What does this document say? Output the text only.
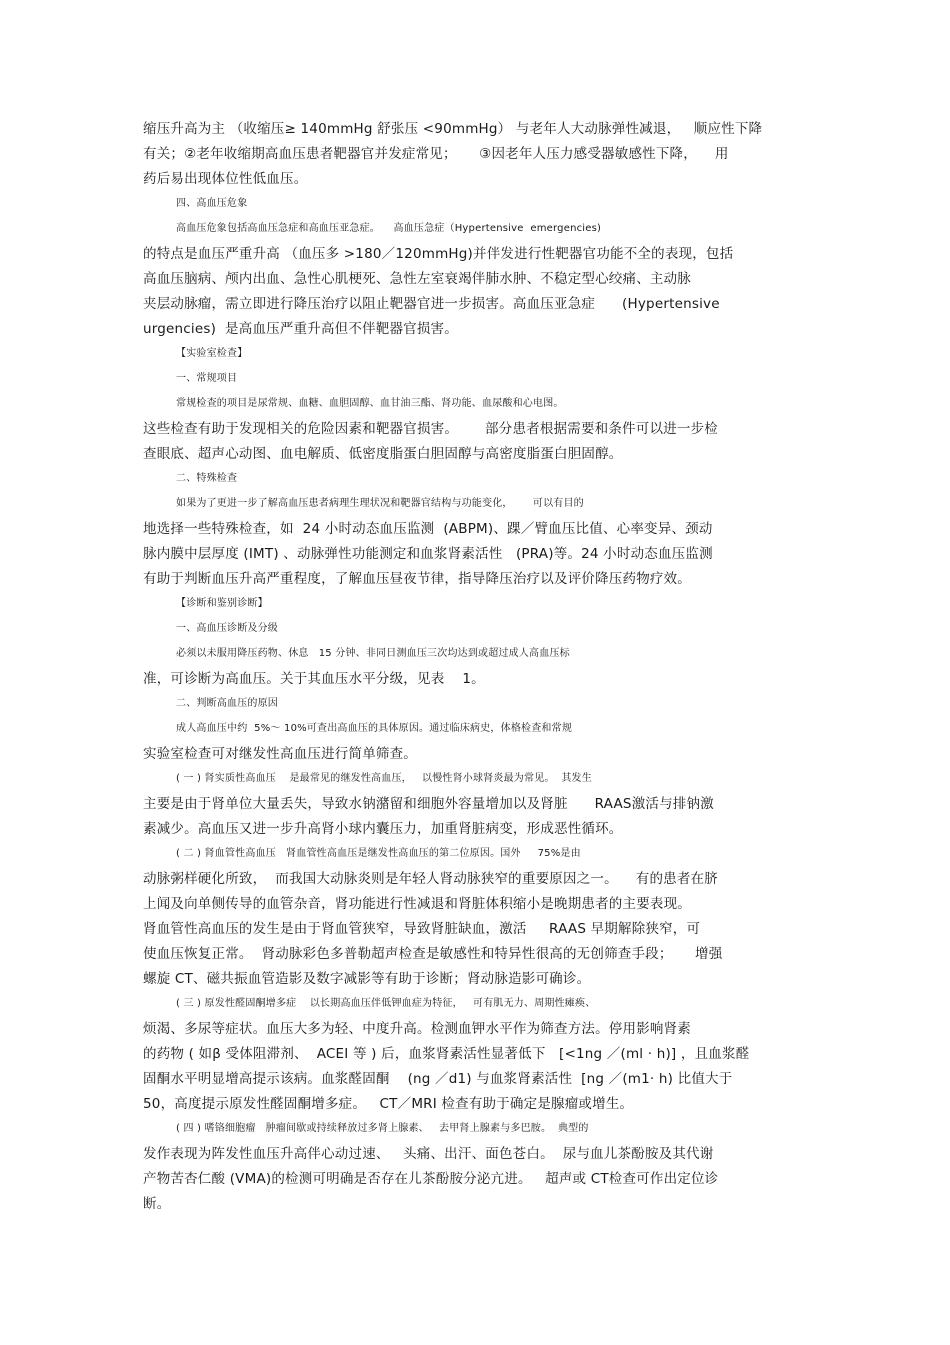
缩压升高为主 （收缩压≥ 140mmHg 舒张压 <90mmHg） 与老年人大动脉弹性减退，   顺应性下降
有关；②老年收缩期高血压患者靶器官并发症常见；     ③因老年人压力感受器敏感性下降，    用
药后易出现体位性低血压。
四、高血压危象
高血压危象包括高血压急症和高血压亚急症。    高血压急症（Hypertensive  emergencies)
的特点是血压严重升高 （血压多 >180／120mmHg)并伴发进行性靶器官功能不全的表现，包括
高血压脑病、颅内出血、急性心肌梗死、急性左室衰竭伴肺水肿、不稳定型心绞痛、主动脉
夹层动脉瘤，需立即进行降压治疗以阻止靶器官进一步损害。高血压亚急症      (Hypertensive
urgencies)  是高血压严重升高但不伴靶器官损害。
【实验室检查】
一、常规项目
常规检查的项目是尿常规、血糖、血胆固醇、血甘油三酯、肾功能、血尿酸和心电图。
这些检查有助于发现相关的危险因素和靶器官损害。      部分患者根据需要和条件可以进一步检
查眼底、超声心动图、血电解质、低密度脂蛋白胆固醇与高密度脂蛋白胆固醇。
二、特殊检查
如果为了更进一步了解高血压患者病理生理状况和靶器官结构与功能变化，      可以有目的
地选择一些特殊检查，如  24 小时动态血压监测  (ABPM)、踝／臂血压比值、心率变异、颈动
脉内膜中层厚度 (IMT) 、动脉弹性功能测定和血浆肾素活性   (PRA)等。24 小时动态血压监测
有助于判断血压升高严重程度，了解血压昼夜节律，指导降压治疗以及评价降压药物疗效。
【诊断和鉴别诊断】
一、高血压诊断及分级
必须以未服用降压药物、休息   15 分钟、非同日测血压三次均达到或超过成人高血压标
准，可诊断为高血压。关于其血压水平分级，见表    1。
二、判断高血压的原因
成人高血压中约  5%～ 10%可查出高血压的具体原因。通过临床病史，体格检查和常规
实验室检查可对继发性高血压进行简单筛查。
( 一 ) 肾实质性高血压    是最常见的继发性高血压，   以慢性肾小球肾炎最为常见。  其发生
主要是由于肾单位大量丢失，导致水钠潴留和细胞外容量增加以及肾脏      RAAS激活与排钠激
素减少。高血压又进一步升高肾小球内囊压力，加重肾脏病变，形成恶性循环。
( 二 ) 肾血管性高血压   肾血管性高血压是继发性高血压的第二位原因。国外     75%是由
动脉粥样硬化所致，  而我国大动脉炎则是年轻人肾动脉狭窄的重要原因之一。    有的患者在脐
上闻及向单侧传导的血管杂音，肾功能进行性减退和肾脏体积缩小是晚期患者的主要表现。
肾血管性高血压的发生是由于肾血管狭窄，导致肾脏缺血，激活     RAAS 早期解除狭窄，可
使血压恢复正常。  肾动脉彩色多普勒超声检查是敏感性和特异性很高的无创筛查手段；     增强
螺旋 CT、磁共振血管造影及数字减影等有助于诊断；肾动脉造影可确诊。
( 三 ) 原发性醛固酮增多症    以长期高血压伴低钾血症为特征，   可有肌无力、周期性瘫痪、
烦渴、多尿等症状。血压大多为轻、中度升高。检测血钾水平作为筛查方法。停用影响肾素
的药物 ( 如β 受体阻滞剂、  ACEI 等 ) 后，血浆肾素活性显著低下   [<1ng ／(ml · h)] ，且血浆醛
固酮水平明显增高提示该病。血浆醛固酮    (ng ／d1) 与血浆肾素活性  [ng ／(m1· h) 比值大于
50，高度提示原发性醛固酮增多症。   CT／MRI 检查有助于确定是腺瘤或增生。
( 四 ) 嗜铬细胞瘤   肿瘤间歇或持续释放过多肾上腺素、   去甲肾上腺素与多巴胺。  典型的
发作表现为阵发性血压升高伴心动过速、   头痛、出汗、面色苍白。  尿与血儿茶酚胺及其代谢
产物苦杏仁酸 (VMA)的检测可明确是否存在儿茶酚胺分泌亢进。   超声或 CT检查可作出定位诊
断。
